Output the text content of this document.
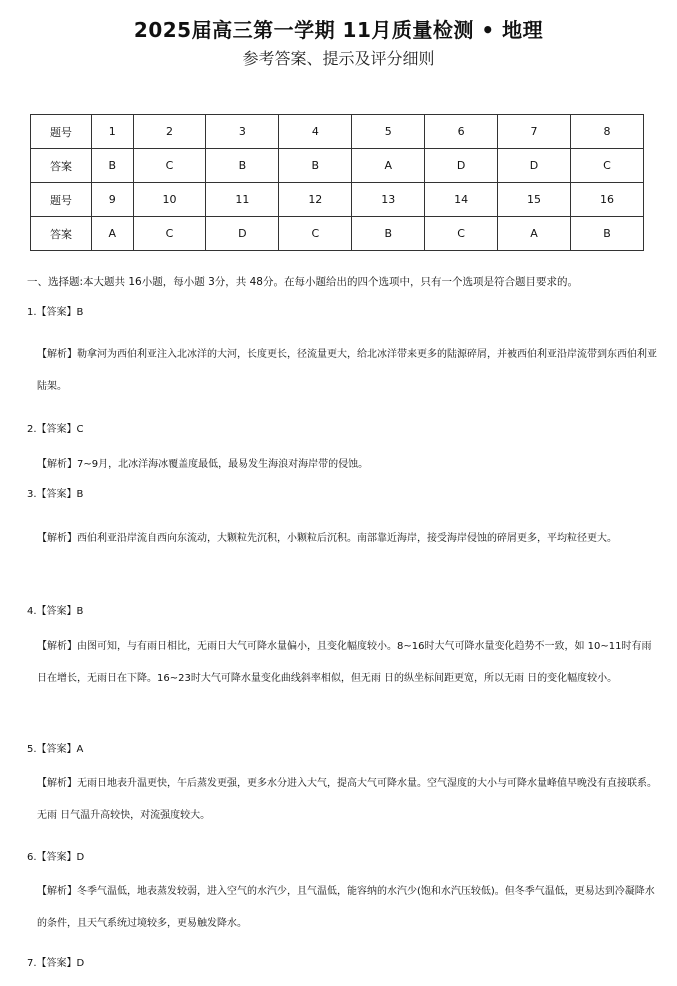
2025届高三第一学期 11月质量检测 • 地理
参考答案、提示及评分细则
题号	1	2	3	4	5	6	7	8
答案	B	C	B	B	A	D	D	C
题号	9	10	11	12	13	14	15	16
答案	A	C	D	C	B	C	A	B
一、选择题:本大题共 16小题，每小题 3分，共 48分。在每小题给出的四个选项中，只有一个选项是符合题目要求的。
1.【答案】B
【解析】勒拿河为西伯利亚注入北冰洋的大河，长度更长，径流量更大，给北冰洋带来更多的陆源碎屑，并被西伯利亚沿岸流带到东西伯利亚陆架。
2.【答案】C
【解析】7~9月，北冰洋海冰覆盖度最低，最易发生海浪对海岸带的侵蚀。
3.【答案】B
【解析】西伯利亚沿岸流自西向东流动，大颗粒先沉积，小颗粒后沉积。南部靠近海岸，接受海岸侵蚀的碎屑更多，平均粒径更大。
4.【答案】B
【解析】由图可知，与有雨日相比，无雨日大气可降水量偏小，且变化幅度较小。8~16时大气可降水量变化趋势不一致，如 10~11时有雨日在增长，无雨日在下降。16~23时大气可降水量变化曲线斜率相似，但无雨 日的纵坐标间距更宽，所以无雨 日的变化幅度较小。
5.【答案】A
【解析】无雨日地表升温更快，午后蒸发更强，更多水分进入大气，提高大气可降水量。空气湿度的大小与可降水量峰值早晚没有直接联系。无雨 日气温升高较快，对流强度较大。
6.【答案】D
【解析】冬季气温低，地表蒸发较弱，进入空气的水汽少，且气温低，能容纳的水汽少(饱和水汽压较低)。但冬季气温低，更易达到冷凝降水的条件，且天气系统过境较多，更易触发降水。
7.【答案】D
